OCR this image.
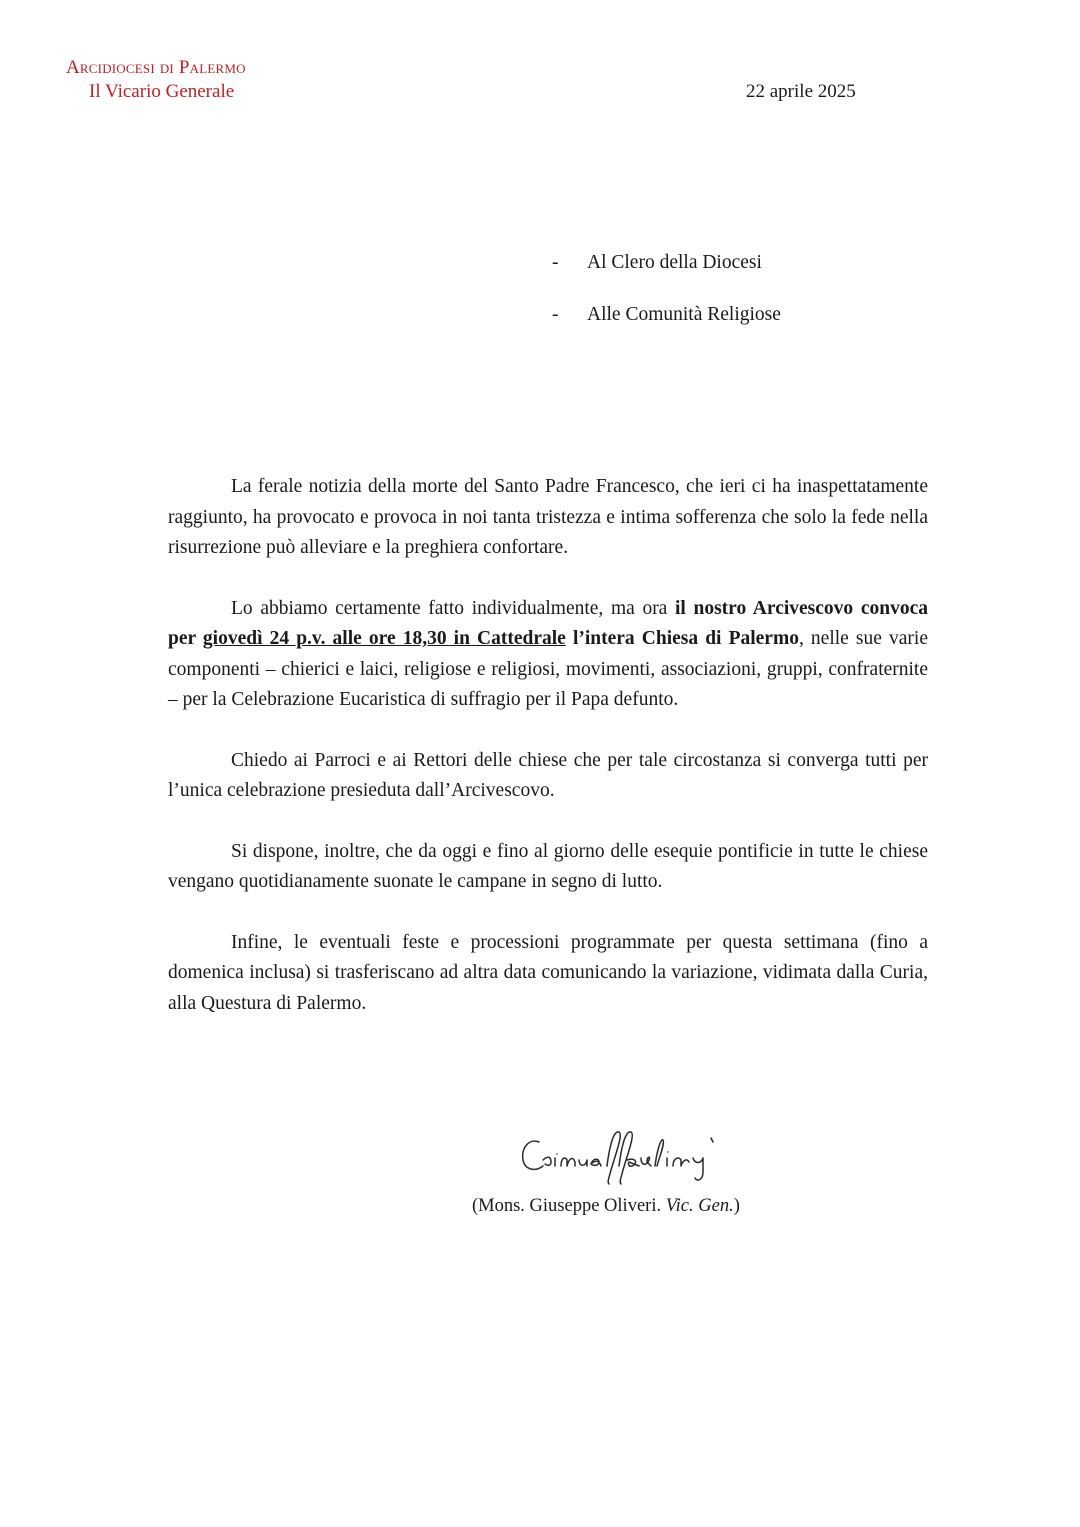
Arcidiocesi di Palermo
Il Vicario Generale	22 aprile 2025
- Al Clero della Diocesi
- Alle Comunità Religiose

La ferale notizia della morte del Santo Padre Francesco, che ieri ci ha inaspettatamente raggiunto, ha provocato e provoca in noi tanta tristezza e intima sofferenza che solo la fede nella risurrezione può alleviare e la preghiera confortare.

Lo abbiamo certamente fatto individualmente, ma ora il nostro Arcivescovo convoca per giovedì 24 p.v. alle ore 18,30 in Cattedrale l’intera Chiesa di Palermo, nelle sue varie componenti – chierici e laici, religiose e religiosi, movimenti, associazioni, gruppi, confraternite – per la Celebrazione Eucaristica di suffragio per il Papa defunto.

Chiedo ai Parroci e ai Rettori delle chiese che per tale circostanza si converga tutti per l’unica celebrazione presieduta dall’Arcivescovo.

Si dispone, inoltre, che da oggi e fino al giorno delle esequie pontificie in tutte le chiese vengano quotidianamente suonate le campane in segno di lutto.

Infine, le eventuali feste e processioni programmate per questa settimana (fino a domenica inclusa) si trasferiscano ad altra data comunicando la variazione, vidimata dalla Curia, alla Questura di Palermo.

(Mons. Giuseppe Oliveri. Vic. Gen.)
